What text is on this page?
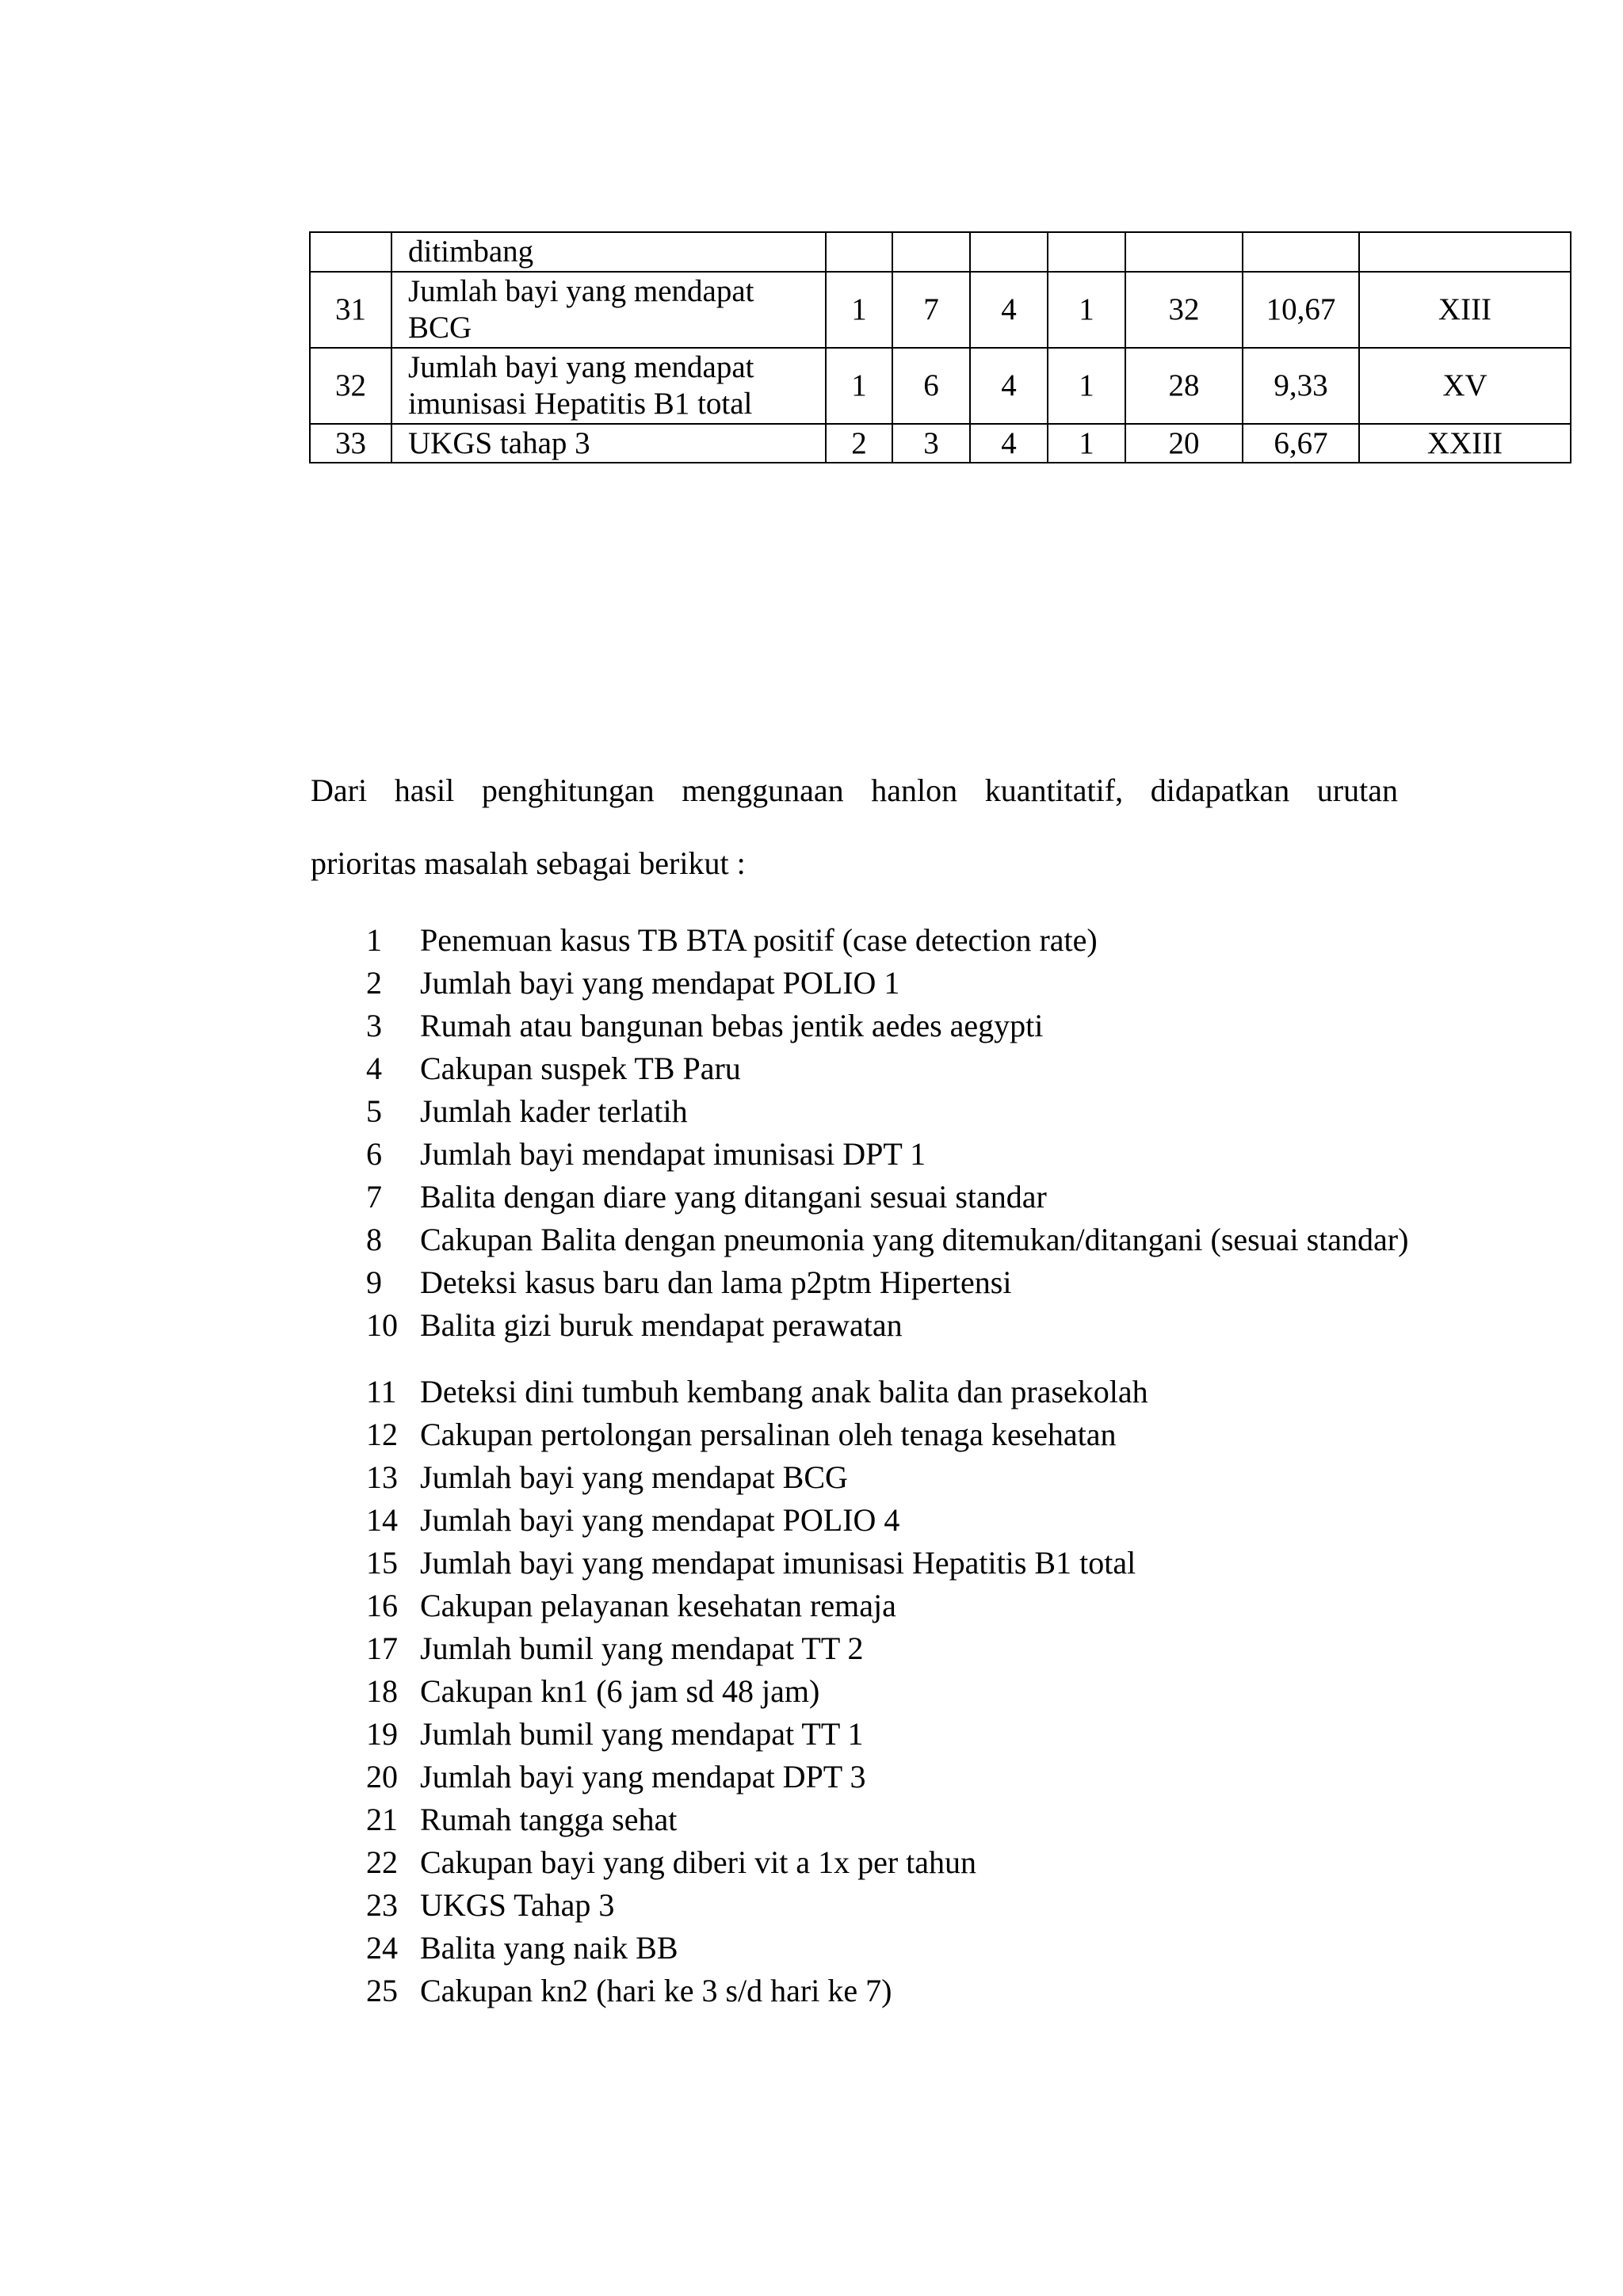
	ditimbang							
31	Jumlah bayi yang mendapat BCG	1	7	4	1	32	10,67	XIII
32	Jumlah bayi yang mendapat imunisasi Hepatitis B1 total	1	6	4	1	28	9,33	XV
33	UKGS tahap 3	2	3	4	1	20	6,67	XXIII
Dari hasil penghitungan menggunaan hanlon kuantitatif, didapatkan urutan
prioritas masalah sebagai berikut :
1	Penemuan kasus TB BTA positif (case detection rate)
2	Jumlah bayi yang mendapat POLIO 1
3	Rumah atau bangunan bebas jentik aedes aegypti
4	Cakupan suspek TB Paru
5	Jumlah kader terlatih
6	Jumlah bayi mendapat imunisasi DPT 1
7	Balita dengan diare yang ditangani sesuai standar
8	Cakupan Balita dengan pneumonia yang ditemukan/ditangani (sesuai standar)
9	Deteksi kasus baru dan lama p2ptm Hipertensi
10 Balita gizi buruk mendapat perawatan
11 Deteksi dini tumbuh kembang anak balita dan prasekolah
12 Cakupan pertolongan persalinan oleh tenaga kesehatan
13 Jumlah bayi yang mendapat BCG
14 Jumlah bayi yang mendapat POLIO 4
15 Jumlah bayi yang mendapat imunisasi Hepatitis B1 total
16 Cakupan pelayanan kesehatan remaja
17 Jumlah bumil yang mendapat TT 2
18 Cakupan kn1 (6 jam sd 48 jam)
19 Jumlah bumil yang mendapat TT 1
20 Jumlah bayi yang mendapat DPT 3
21 Rumah tangga sehat
22 Cakupan bayi yang diberi vit a 1x per tahun
23 UKGS Tahap 3
24 Balita yang naik BB
25 Cakupan kn2 (hari ke 3 s/d hari ke 7)
